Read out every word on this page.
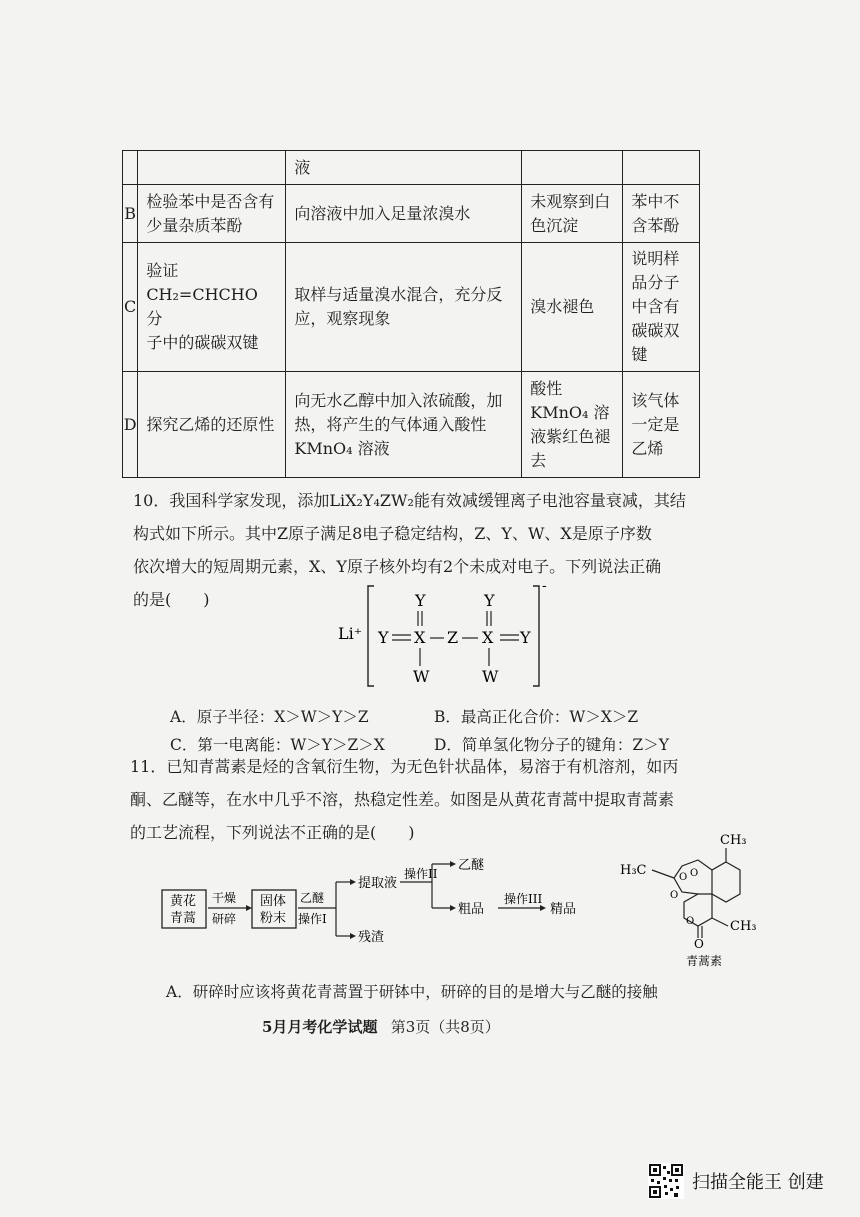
		液		
B	检验苯中是否含有少量杂质苯酚	向溶液中加入足量浓溴水	未观察到白色沉淀	苯中不含苯酚
C	验证
CH₂=CHCHO 分
子中的碳碳双键	取样与适量溴水混合，充分反应，观察现象	溴水褪色	说明样品分子中含有碳碳双键
D	探究乙烯的还原性	向无水乙醇中加入浓硫酸，加热，将产生的气体通入酸性 KMnO₄ 溶液	酸性 KMnO₄ 溶液紫红色褪去	该气体一定是乙烯

10．我国科学家发现，添加LiX₂Y₄ZW₂能有效减缓锂离子电池容量衰减，其结

构式如下所示。其中Z原子满足8电子稳定结构，Z、Y、W、X是原子序数

依次增大的短周期元素，X、Y原子核外均有2个未成对电子。下列说法正确

的是(　　)

Li⁺
-
Y X
Y
W
Z X
Y
W
Y
A．原子半径：X＞W＞Y＞Z	B．最高正化合价：W＞X＞Z
C．第一电离能：W＞Y＞Z＞X	D．简单氢化物分子的键角：Z＞Y

11．已知青蒿素是烃的含氧衍生物，为无色针状晶体，易溶于有机溶剂，如丙

酮、乙醚等，在水中几乎不溶，热稳定性差。如图是从黄花青蒿中提取青蒿素

的工艺流程，下列说法不正确的是(　　)

黄花
青蒿
干燥
研碎
固体
粉末
乙醚
操作I
提取液
残渣
操作II
乙醚
粗品
操作III
精品
CH₃
H₃C	O O
O
O	CH₃
O
青蒿素

A．研碎时应该将黄花青蒿置于研钵中，研碎的目的是增大与乙醚的接触

5月月考化学试题 第3页（共8页）
扫描全能王 创建
